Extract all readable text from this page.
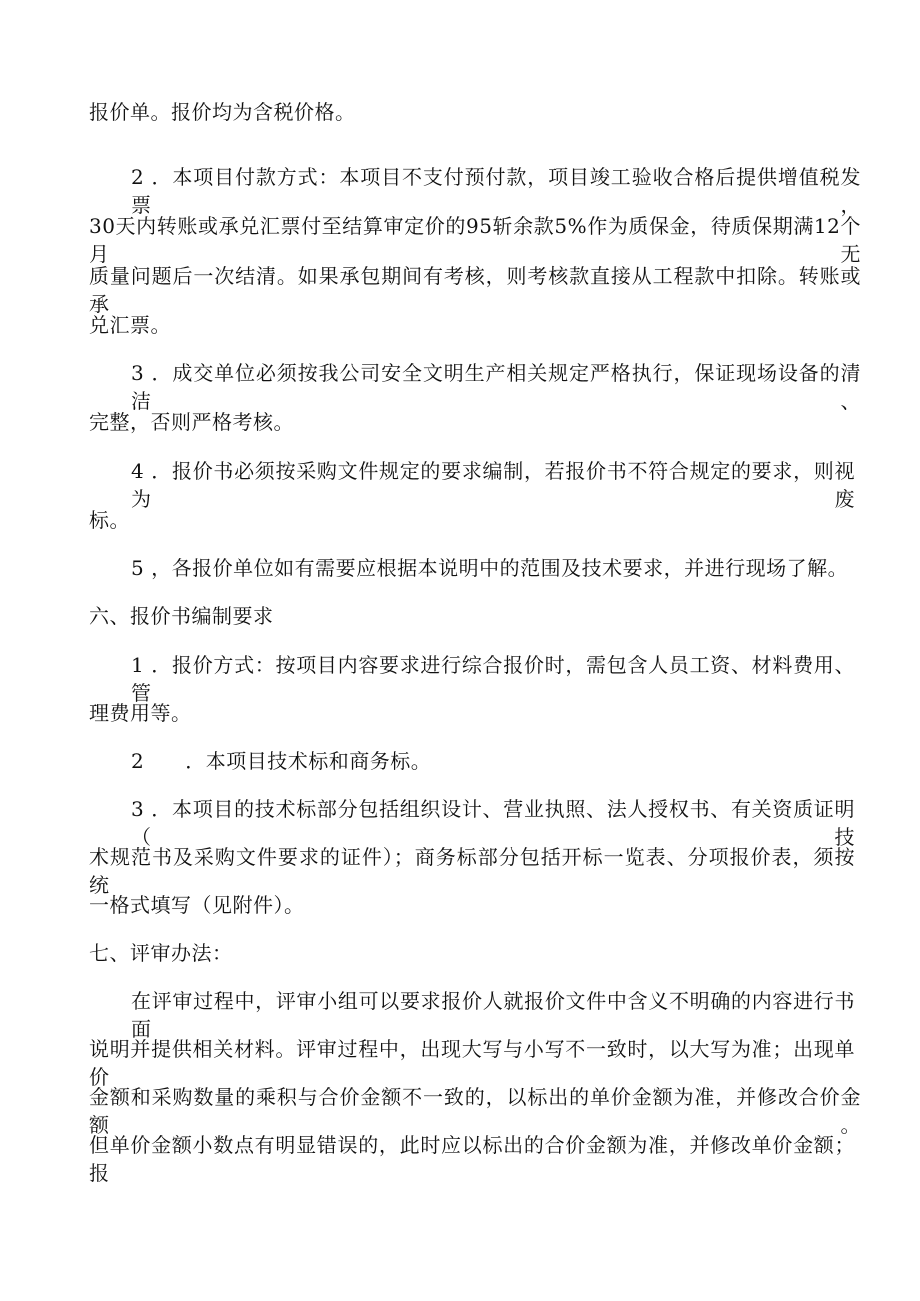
报价单。报价均为含税价格。
2 ．本项目付款方式：本项目不支付预付款，项目竣工验收合格后提供增值税发票，
30天内转账或承兑汇票付至结算审定价的95斩余款5%作为质保金，待质保期满12个月无
质量问题后一次结清。如果承包期间有考核，则考核款直接从工程款中扣除。转账或承
兑汇票。
3 ．成交单位必须按我公司安全文明生产相关规定严格执行，保证现场设备的清洁、
完整，否则严格考核。
4 ．报价书必须按采购文件规定的要求编制，若报价书不符合规定的要求，则视为废
标。
5 ，各报价单位如有需要应根据本说明中的范围及技术要求，并进行现场了解。
六、报价书编制要求
1 ．报价方式：按项目内容要求进行综合报价时，需包含人员工资、材料费用、管
理费用等。
2　　．本项目技术标和商务标。
3 ．本项目的技术标部分包括组织设计、营业执照、法人授权书、有关资质证明（技
术规范书及采购文件要求的证件）；商务标部分包括开标一览表、分项报价表，须按统
一格式填写（见附件）。
七、评审办法：
在评审过程中，评审小组可以要求报价人就报价文件中含义不明确的内容进行书面
说明并提供相关材料。评审过程中，出现大写与小写不一致时，以大写为准；出现单价
金额和采购数量的乘积与合价金额不一致的，以标出的单价金额为准，并修改合价金额。
但单价金额小数点有明显错误的，此时应以标出的合价金额为准，并修改单价金额；报
